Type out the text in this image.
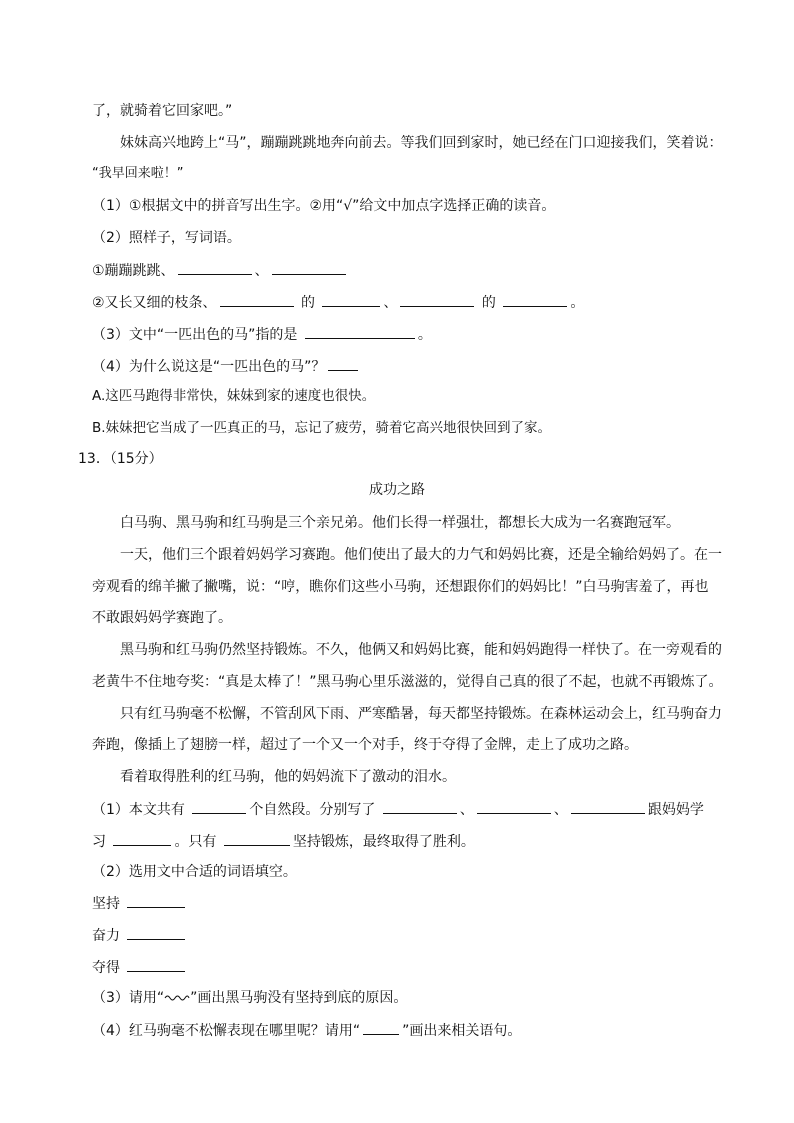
了，就骑着它回家吧。”
妹妹高兴地跨上“马”，蹦蹦跳跳地奔向前去。等我们回到家时，她已经在门口迎接我们，笑着说：
“我早回来啦！”
（1）①根据文中的拼音写出生字。②用“√”给文中加点字选择正确的读音。
（2）照样子，写词语。
①蹦蹦跳跳、	、
②又长又细的枝条、	的	、	的	。
（3）文中“一匹出色的马”指的是	。
（4）为什么说这是“一匹出色的马”？
A.这匹马跑得非常快，妹妹到家的速度也很快。
B.妹妹把它当成了一匹真正的马，忘记了疲劳，骑着它高兴地很快回到了家。
13．（15分）
成功之路
白马驹、黑马驹和红马驹是三个亲兄弟。他们长得一样强壮，都想长大成为一名赛跑冠军。
一天，他们三个跟着妈妈学习赛跑。他们使出了最大的力气和妈妈比赛，还是全输给妈妈了。在一
旁观看的绵羊撇了撇嘴，说：“哼，瞧你们这些小马驹，还想跟你们的妈妈比！”白马驹害羞了，再也
不敢跟妈妈学赛跑了。
黑马驹和红马驹仍然坚持锻炼。不久，他俩又和妈妈比赛，能和妈妈跑得一样快了。在一旁观看的
老黄牛不住地夸奖：“真是太棒了！”黑马驹心里乐滋滋的，觉得自己真的很了不起，也就不再锻炼了。
只有红马驹毫不松懈，不管刮风下雨、严寒酷暑，每天都坚持锻炼。在森林运动会上，红马驹奋力
奔跑，像插上了翅膀一样，超过了一个又一个对手，终于夺得了金牌，走上了成功之路。
看着取得胜利的红马驹，他的妈妈流下了激动的泪水。
（1）本文共有	个自然段。分别写了	、	、	跟妈妈学
习	。只有	坚持锻炼，最终取得了胜利。
（2）选用文中合适的词语填空。
坚持
奋力
夺得
（3）请用“ ”画出黑马驹没有坚持到底的原因。
（4）红马驹毫不松懈表现在哪里呢？请用“	”画出来相关语句。
